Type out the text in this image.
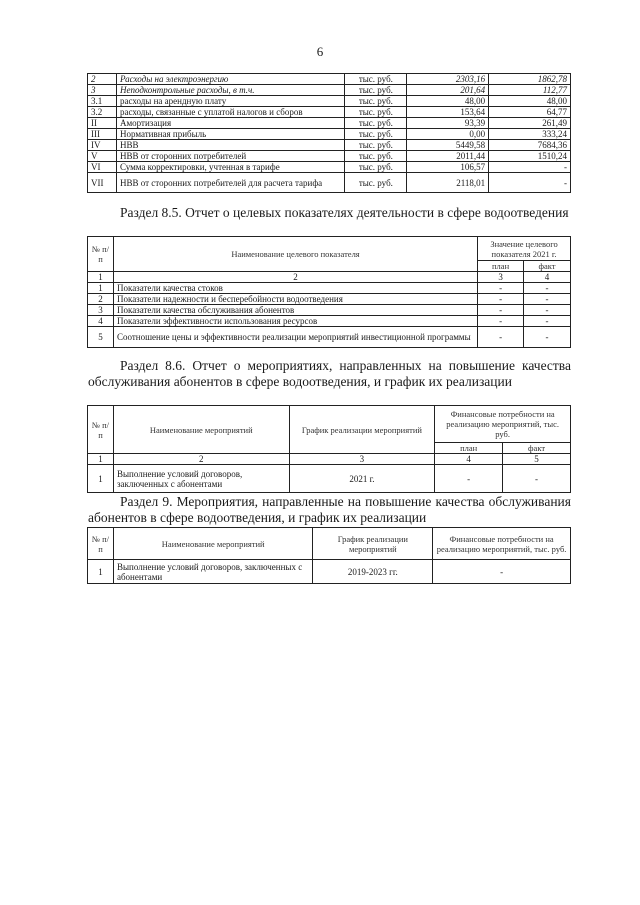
6
2	Расходы на электроэнергию	тыс. руб.	2303,16	1862,78
3	Неподконтрольные расходы, в т.ч.	тыс. руб.	201,64	112,77
3.1	расходы на арендную плату	тыс. руб.	48,00	48,00
3.2	расходы, связанные с уплатой налогов и сборов	тыс. руб.	153,64	64,77
II	Амортизация	тыс. руб.	93,39	261,49
III	Нормативная прибыль	тыс. руб.	0,00	333,24
IV	НВВ	тыс. руб.	5449,58	7684,36
V	НВВ от сторонних потребителей	тыс. руб.	2011,44	1510,24
VI	Сумма корректировки, учтенная в тарифе	тыс. руб.	106,57	-
VII	НВВ от сторонних потребителей для расчета тарифа	тыс. руб.	2118,01	-

Раздел 8.5. Отчет о целевых показателях деятельности в сфере водоотведения

№ п/п	Наименование целевого показателя	Значение целевого показателя 2021 г.	
		план	факт
1	2	3	4
1	Показатели качества стоков	-	-
2	Показатели надежности и бесперебойности водоотведения	-	-
3	Показатели качества обслуживания абонентов	-	-
4	Показатели эффективности использования ресурсов	-	-
5	Соотношение цены и эффективности реализации мероприятий инвестиционной программы	-	-

Раздел 8.6. Отчет о мероприятиях, направленных на повышение качества обслуживания абонентов в сфере водоотведения, и график их реализации

№ п/п	Наименование мероприятий	График реализации мероприятий	Финансовые потребности на реализацию мероприятий, тыс. руб.	
			план	факт
1	2	3	4	5
1	Выполнение условий договоров, заключенных с абонентами	2021 г.	-	-

Раздел 9. Мероприятия, направленные на повышение качества обслуживания абонентов в сфере водоотведения, и график их реализации

№ п/п	Наименование мероприятий	График реализации мероприятий	Финансовые потребности на реализацию мероприятий, тыс. руб.
1	Выполнение условий договоров, заключенных с абонентами	2019-2023 гг.	-
